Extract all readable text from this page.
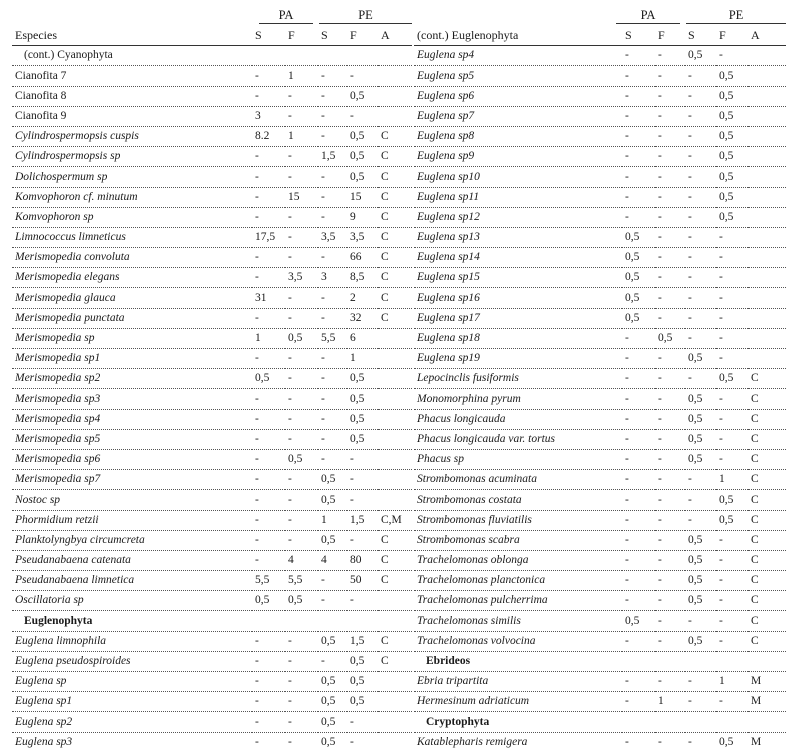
PA	PE
Especies	S	F	S	F	A
(cont.) Cyanophyta					
Cianofita 7	-	1	-	-	
Cianofita 8	-	-	-	0,5	
Cianofita 9	3	-	-	-	
Cylindrospermopsis cuspis	8.2	1	-	0,5	C
Cylindrospermopsis sp	-	-	1,5	0,5	C
Dolichospermum sp	-	-	-	0,5	C
Komvophoron cf. minutum	-	15	-	15	C
Komvophoron sp	-	-	-	9	C
Limnococcus limneticus	17,5	-	3,5	3,5	C
Merismopedia convoluta	-	-	-	66	C
Merismopedia elegans	-	3,5	3	8,5	C
Merismopedia glauca	31	-	-	2	C
Merismopedia punctata	-	-	-	32	C
Merismopedia sp	1	0,5	5,5	6	
Merismopedia sp1	-	-	-	1	
Merismopedia sp2	0,5	-	-	0,5	
Merismopedia sp3	-	-	-	0,5	
Merismopedia sp4	-	-	-	0,5	
Merismopedia sp5	-	-	-	0,5	
Merismopedia sp6	-	0,5	-	-	
Merismopedia sp7	-	-	0,5	-	
Nostoc sp	-	-	0,5	-	
Phormidium retzii	-	-	1	1,5	C,M
Planktolyngbya circumcreta	-	-	0,5	-	C
Pseudanabaena catenata	-	4	4	80	C
Pseudanabaena limnetica	5,5	5,5	-	50	C
Oscillatoria sp	0,5	0,5	-	-	
Euglenophyta					
Euglena limnophila	-	-	0,5	1,5	C
Euglena pseudospiroides	-	-	-	0,5	C
Euglena sp	-	-	0,5	0,5	
Euglena sp1	-	-	0,5	0,5	
Euglena sp2	-	-	0,5	-	
Euglena sp3	-	-	0,5	-	
PA	PE
(cont.) Euglenophyta	S	F	S	F	A
Euglena sp4	-	-	0,5	-	
Euglena sp5	-	-	-	0,5	
Euglena sp6	-	-	-	0,5	
Euglena sp7	-	-	-	0,5	
Euglena sp8	-	-	-	0,5	
Euglena sp9	-	-	-	0,5	
Euglena sp10	-	-	-	0,5	
Euglena sp11	-	-	-	0,5	
Euglena sp12	-	-	-	0,5	
Euglena sp13	0,5	-	-	-	
Euglena sp14	0,5	-	-	-	
Euglena sp15	0,5	-	-	-	
Euglena sp16	0,5	-	-	-	
Euglena sp17	0,5	-	-	-	
Euglena sp18	-	0,5	-	-	
Euglena sp19	-	-	0,5	-	
Lepocinclis fusiformis	-	-	-	0,5	C
Monomorphina pyrum	-	-	0,5	-	C
Phacus longicauda	-	-	0,5	-	C
Phacus longicauda var. tortus	-	-	0,5	-	C
Phacus sp	-	-	0,5	-	C
Strombomonas acuminata	-	-	-	1	C
Strombomonas costata	-	-	-	0,5	C
Strombomonas fluviatilis	-	-	-	0,5	C
Strombomonas scabra	-	-	0,5	-	C
Trachelomonas oblonga	-	-	0,5	-	C
Trachelomonas planctonica	-	-	0,5	-	C
Trachelomonas pulcherrima	-	-	0,5	-	C
Trachelomonas similis	0,5	-	-	-	C
Trachelomonas volvocina	-	-	0,5	-	C
Ebrideos					
Ebria tripartita	-	-	-	1	M
Hermesinum adriaticum	-	1	-	-	M
Cryptophyta					
Katablepharis remigera	-	-	-	0,5	M
